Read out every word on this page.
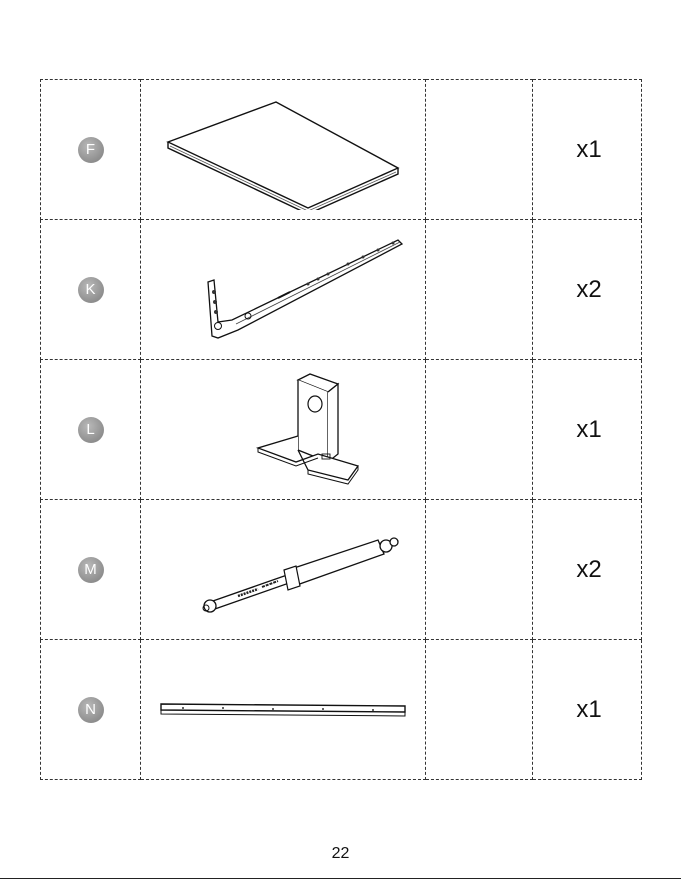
F			x1
K			x2
L			x1
M			x2
N			x1
22
